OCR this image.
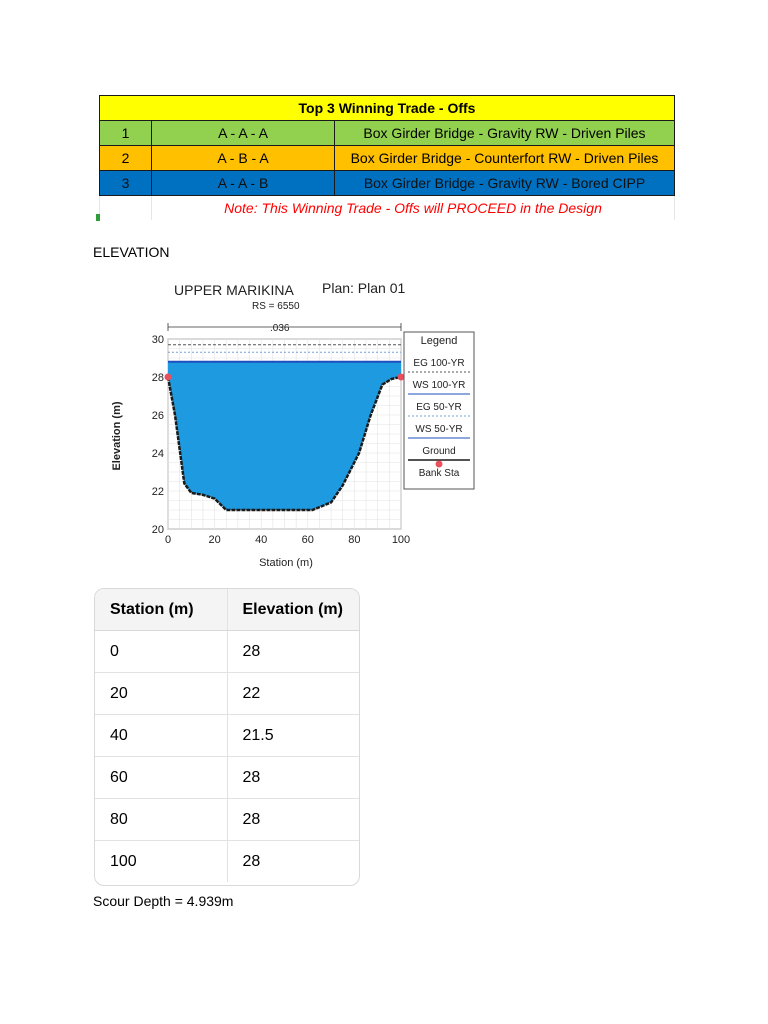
Top 3 Winning Trade - Offs		
1	A - A - A	Box Girder Bridge - Gravity RW - Driven Piles
2	A - B - A	Box Girder Bridge - Counterfort RW - Driven Piles
3	A - A - B	Box Girder Bridge - Gravity RW - Bored CIPP
	Note: This Winning Trade - Offs will PROCEED in the Design	
ELEVATION
UPPER MARIKINA Plan: Plan 01
RS = 6550
.036
0	20	40	60	80	100
20
22
24
26
28
30
Elevation (m)
Station (m)
Legend
EG 100-YR
WS 100-YR
EG 50-YR
WS 50-YR
Ground
Bank Sta
Station (m)	Elevation (m)
0	28
20	22
40	21.5
60	28
80	28
100	28
Scour Depth = 4.939m
